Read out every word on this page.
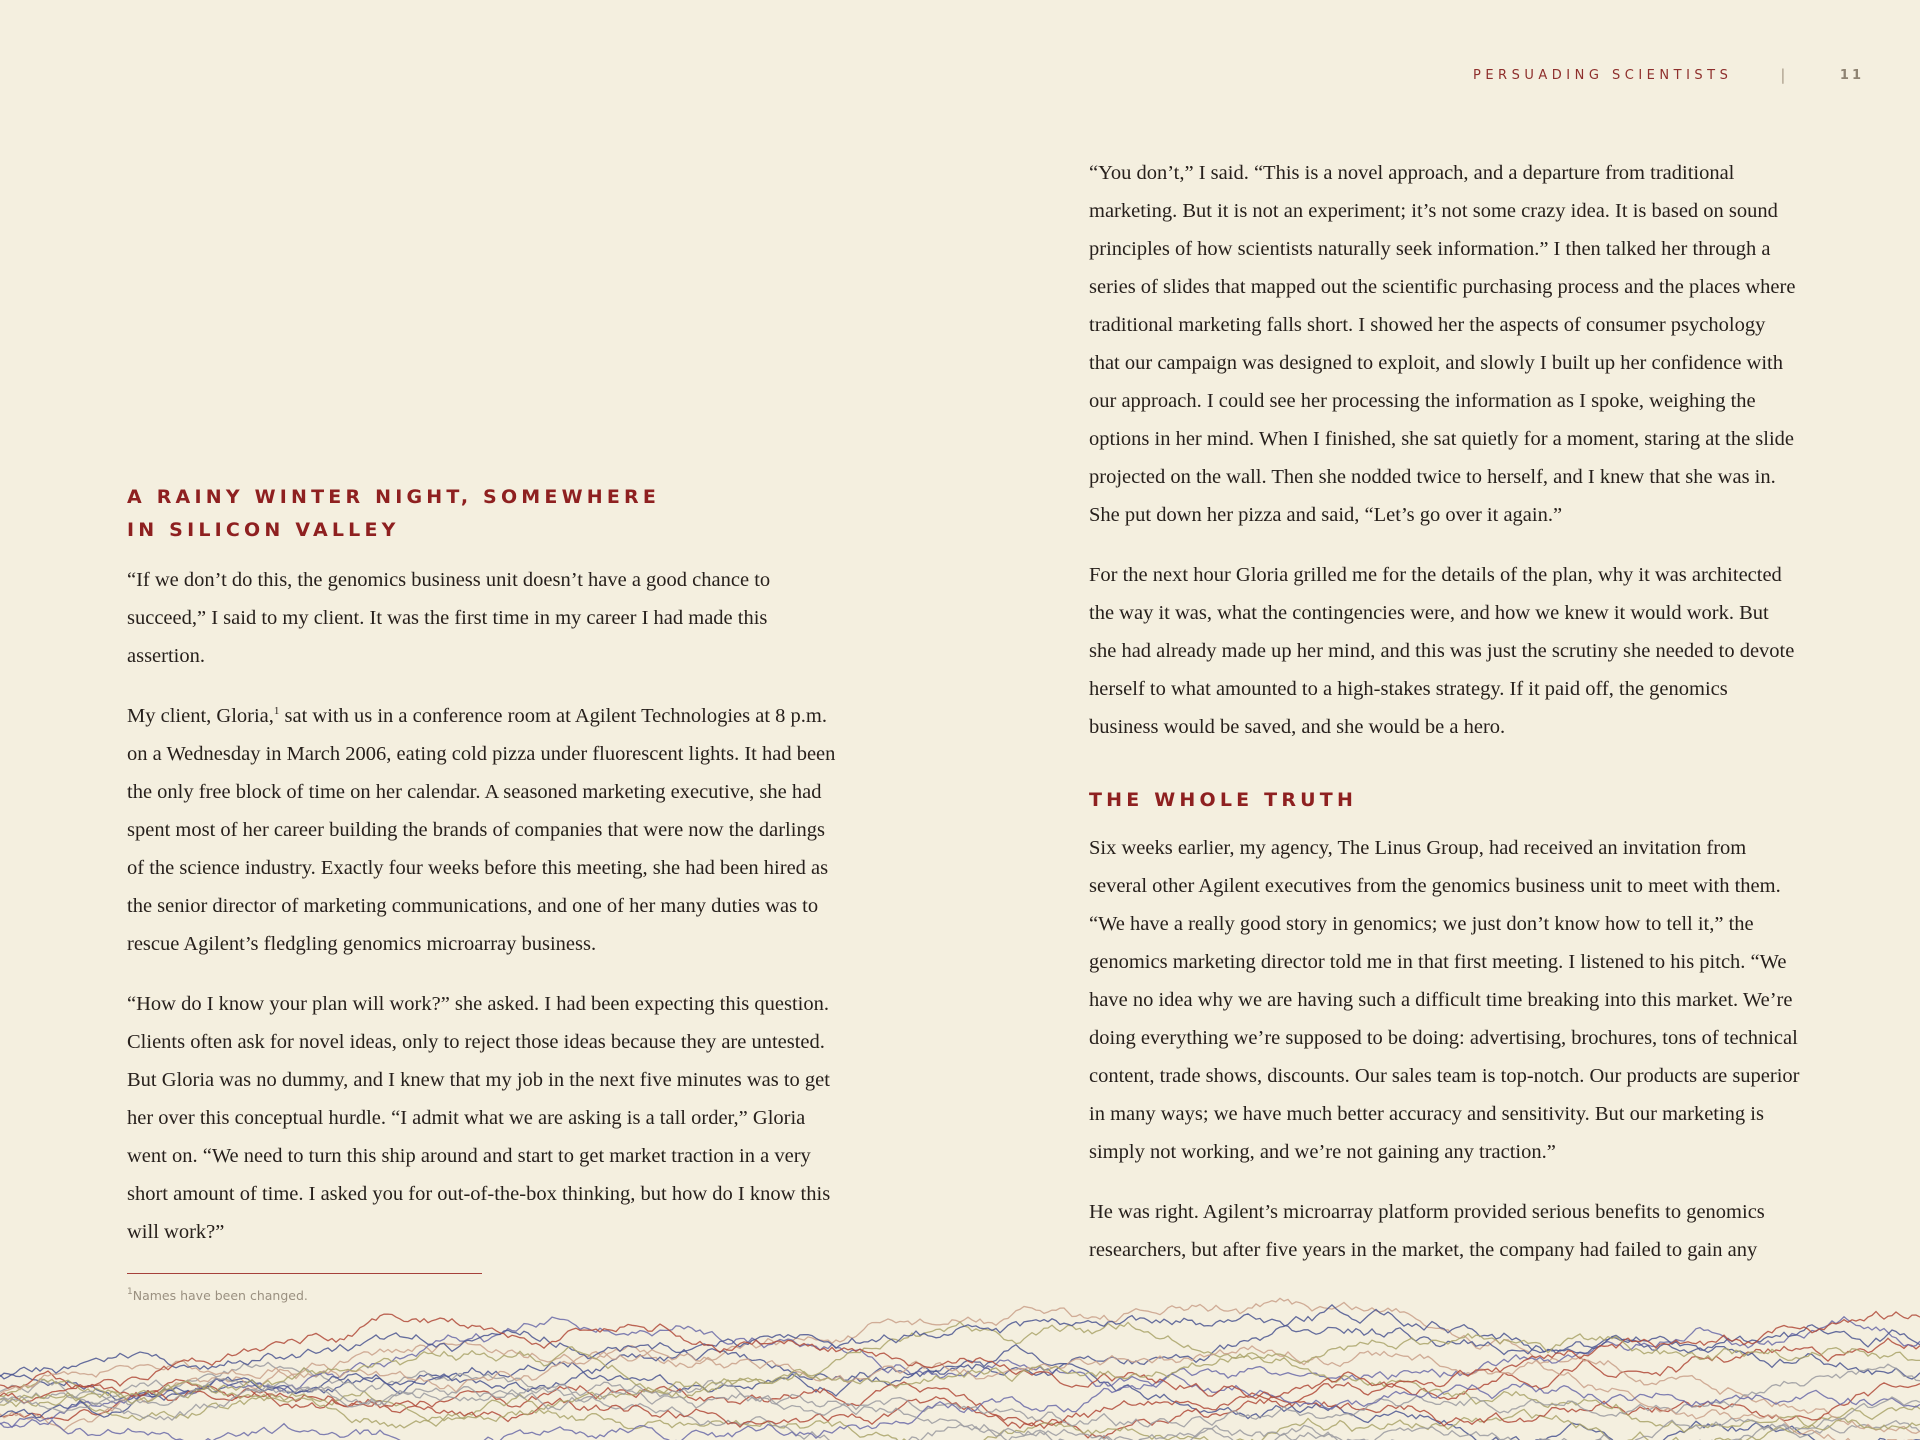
PERSUADING SCIENTISTS	|	11
A RAINY WINTER NIGHT, SOMEWHERE
IN SILICON VALLEY

“If we don’t do this, the genomics business unit doesn’t have a good chance to succeed,” I said to my client. It was the first time in my career I had made this assertion.

My client, Gloria,$^1$ sat with us in a conference room at Agilent Technologies at 8 p.m. on a Wednesday in March 2006, eating cold pizza under fluorescent lights. It had been the only free block of time on her calendar. A seasoned marketing executive, she had spent most of her career building the brands of companies that were now the darlings of the science industry. Exactly four weeks before this meeting, she had been hired as the senior director of marketing communications, and one of her many duties was to rescue Agilent’s fledgling genomics microarray business.

“How do I know your plan will work?” she asked. I had been expecting this question. Clients often ask for novel ideas, only to reject those ideas because they are untested. But Gloria was no dummy, and I knew that my job in the next five minutes was to get her over this conceptual hurdle. “I admit what we are asking is a tall order,” Gloria went on. “We need to turn this ship around and start to get market traction in a very short amount of time. I asked you for out-of-the-box thinking, but how do I know this will work?”

$^1$Names have been changed.

“You don’t,” I said. “This is a novel approach, and a departure from traditional marketing. But it is not an experiment; it’s not some crazy idea. It is based on sound principles of how scientists naturally seek information.” I then talked her through a series of slides that mapped out the scientific purchasing process and the places where traditional marketing falls short. I showed her the aspects of consumer psychology that our campaign was designed to exploit, and slowly I built up her confidence with our approach. I could see her processing the information as I spoke, weighing the options in her mind. When I finished, she sat quietly for a moment, staring at the slide projected on the wall. Then she nodded twice to herself, and I knew that she was in. She put down her pizza and said, “Let’s go over it again.”

For the next hour Gloria grilled me for the details of the plan, why it was architected the way it was, what the contingencies were, and how we knew it would work. But she had already made up her mind, and this was just the scrutiny she needed to devote herself to what amounted to a high-stakes strategy. If it paid off, the genomics business would be saved, and she would be a hero.

THE WHOLE TRUTH

Six weeks earlier, my agency, The Linus Group, had received an invitation from several other Agilent executives from the genomics business unit to meet with them. “We have a really good story in genomics; we just don’t know how to tell it,” the genomics marketing director told me in that first meeting. I listened to his pitch. “We have no idea why we are having such a difficult time breaking into this market. We’re doing everything we’re supposed to be doing: advertising, brochures, tons of technical content, trade shows, discounts. Our sales team is top-notch. Our products are superior in many ways; we have much better accuracy and sensitivity. But our marketing is simply not working, and we’re not gaining any traction.”

He was right. Agilent’s microarray platform provided serious benefits to genomics researchers, but after five years in the market, the company had failed to gain any
